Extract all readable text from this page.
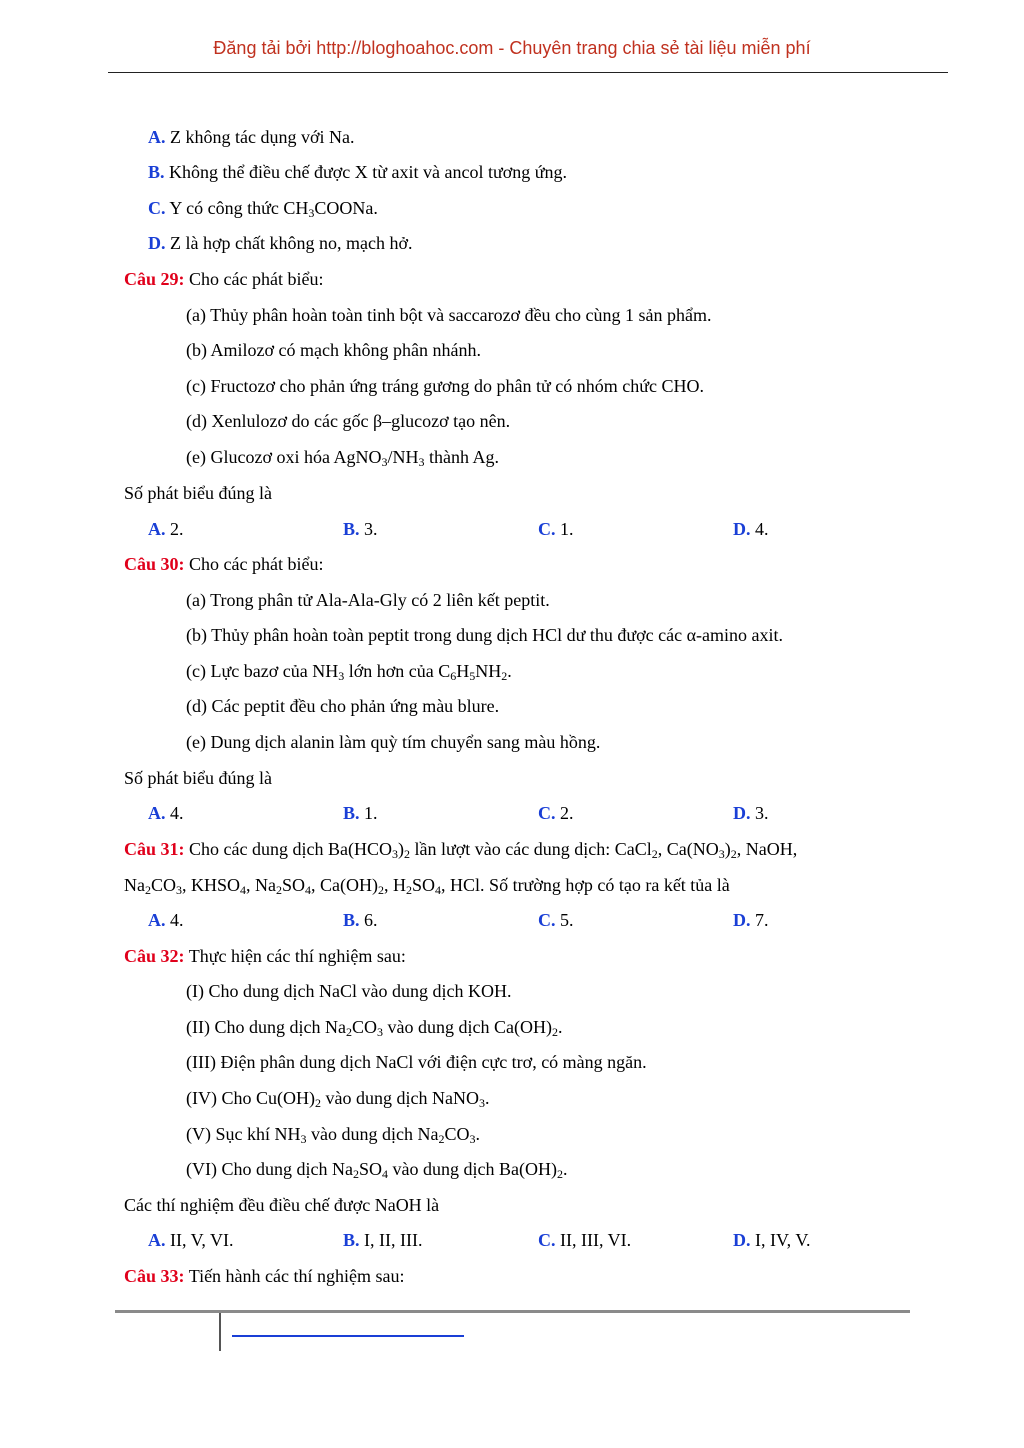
Đăng tải bởi http://bloghoahoc.com - Chuyên trang chia sẻ tài liệu miễn phí
A. Z không tác dụng với Na.
B. Không thể điều chế được X từ axit và ancol tương ứng.
C. Y có công thức $CH_3COONa$.
D. Z là hợp chất không no, mạch hở.
Câu 29: Cho các phát biểu:
(a) Thủy phân hoàn toàn tinh bột và saccarozơ đều cho cùng 1 sản phẩm.
(b) Amilozơ có mạch không phân nhánh.
(c) Fructozơ cho phản ứng tráng gương do phân tử có nhóm chức CHO.
(d) Xenlulozơ do các gốc β–glucozơ tạo nên.
(e) Glucozơ oxi hóa $AgNO_3/NH_3$ thành Ag.
Số phát biểu đúng là
A. 2.	B. 3.	C. 1.	D. 4.
Câu 30: Cho các phát biểu:
(a) Trong phân tử Ala-Ala-Gly có 2 liên kết peptit.
(b) Thủy phân hoàn toàn peptit trong dung dịch HCl dư thu được các α-amino axit.
(c) Lực bazơ của $NH_3$ lớn hơn của $C_6H_5NH_2$.
(d) Các peptit đều cho phản ứng màu blure.
(e) Dung dịch alanin làm quỳ tím chuyển sang màu hồng.
Số phát biểu đúng là
A. 4.	B. 1.	C. 2.	D. 3.
Câu 31: Cho các dung dịch $Ba(HCO_3)_2$ lần lượt vào các dung dịch: CaCl$_2$, $Ca(NO_3)_2$, NaOH,
$Na_2CO_3$, $KHSO_4$, $Na_2SO_4$, $Ca(OH)_2$, $H_2SO_4$, HCl. Số trường hợp có tạo ra kết tủa là
A. 4.	B. 6.	C. 5.	D. 7.
Câu 32: Thực hiện các thí nghiệm sau:
(I) Cho dung dịch NaCl vào dung dịch KOH.
(II) Cho dung dịch $Na_2CO_3$ vào dung dịch $Ca(OH)_2$.
(III) Điện phân dung dịch NaCl với điện cực trơ, có màng ngăn.
(IV) Cho $Cu(OH)_2$ vào dung dịch NaNO$_3$.
(V) Sục khí $NH_3$ vào dung dịch $Na_2CO_3$.
(VI) Cho dung dịch $Na_2SO_4$ vào dung dịch $Ba(OH)_2$.
Các thí nghiệm đều điều chế được NaOH là
A. II, V, VI.	B. I, II, III.	C. II, III, VI.	D. I, IV, V.
Câu 33: Tiến hành các thí nghiệm sau:
